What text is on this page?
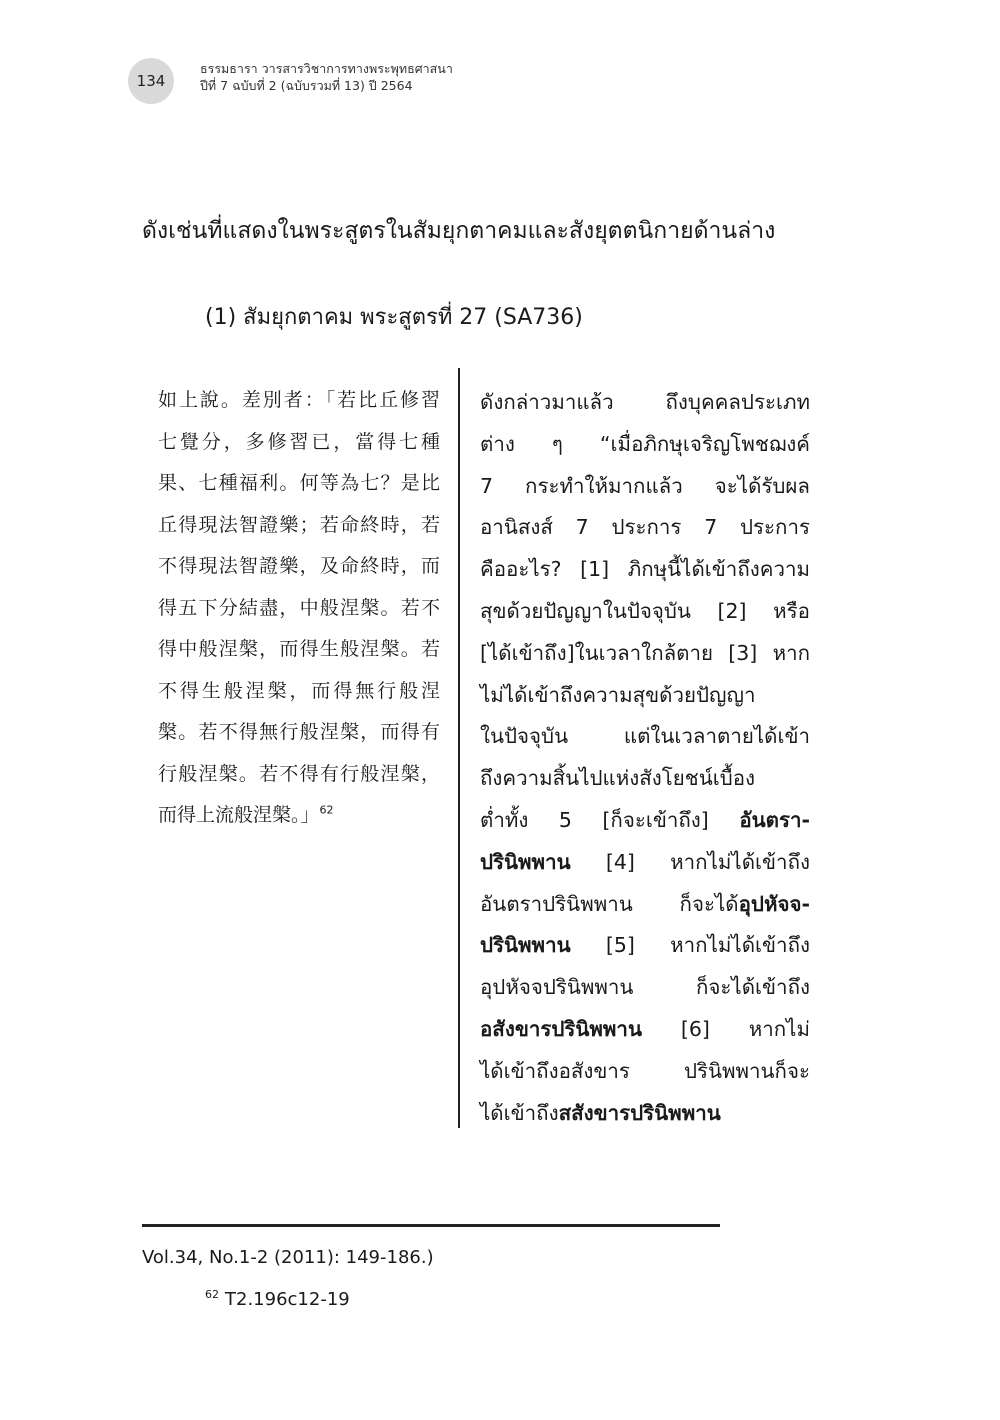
134
ธรรมธารา วารสารวิชาการทางพระพุทธศาสนา
ปีที่ 7 ฉบับที่ 2 (ฉบับรวมที่ 13) ปี 2564
ดังเช่นที่แสดงในพระสูตรในสัมยุกตาคมและสังยุตตนิกายด้านล่าง
(1) สัมยุกตาคม พระสูตรที่ 27 (SA736)
如上說。差別者：「若比丘修習
七覺分，多修習已，當得七種
果、七種福利。何等為七？是比
丘得現法智證樂；若命終時，若
不得現法智證樂，及命終時，而
得五下分結盡，中般涅槃。若不
得中般涅槃，而得生般涅槃。若
不得生般涅槃，而得無行般涅
槃。若不得無行般涅槃，而得有
行般涅槃。若不得有行般涅槃，
而得上流般涅槃。」$^{62}$
ดังกล่าวมาแล้ว ถึงบุคคลประเภท
ต่าง ๆ “เมื่อภิกษุเจริญโพชฌงค์
7 กระทำให้มากแล้ว จะได้รับผล
อานิสงส์ 7 ประการ 7 ประการ
คืออะไร? [1] ภิกษุนี้ได้เข้าถึงความ
สุขด้วยปัญญาในปัจจุบัน [2] หรือ
[ได้เข้าถึง]ในเวลาใกล้ตาย [3] หาก
ไม่ได้เข้าถึงความสุขด้วยปัญญา
ในปัจจุบัน แต่ในเวลาตายได้เข้า
ถึงความสิ้นไปแห่งสังโยชน์เบื้อง
ต่ำทั้ง 5 [ก็จะเข้าถึง] อันตรา-
ปรินิพพาน [4] หากไม่ได้เข้าถึง
อันตราปรินิพพาน ก็จะได้อุปหัจจ-
ปรินิพพาน [5] หากไม่ได้เข้าถึง
อุปหัจจปรินิพพาน ก็จะได้เข้าถึง
อสังขารปรินิพพาน [6] หากไม่
ได้เข้าถึงอสังขาร ปรินิพพานก็จะ
ได้เข้าถึงสสังขารปรินิพพาน
Vol.34, No.1-2 (2011): 149-186.)
$^{62}$ T2.196c12-19
